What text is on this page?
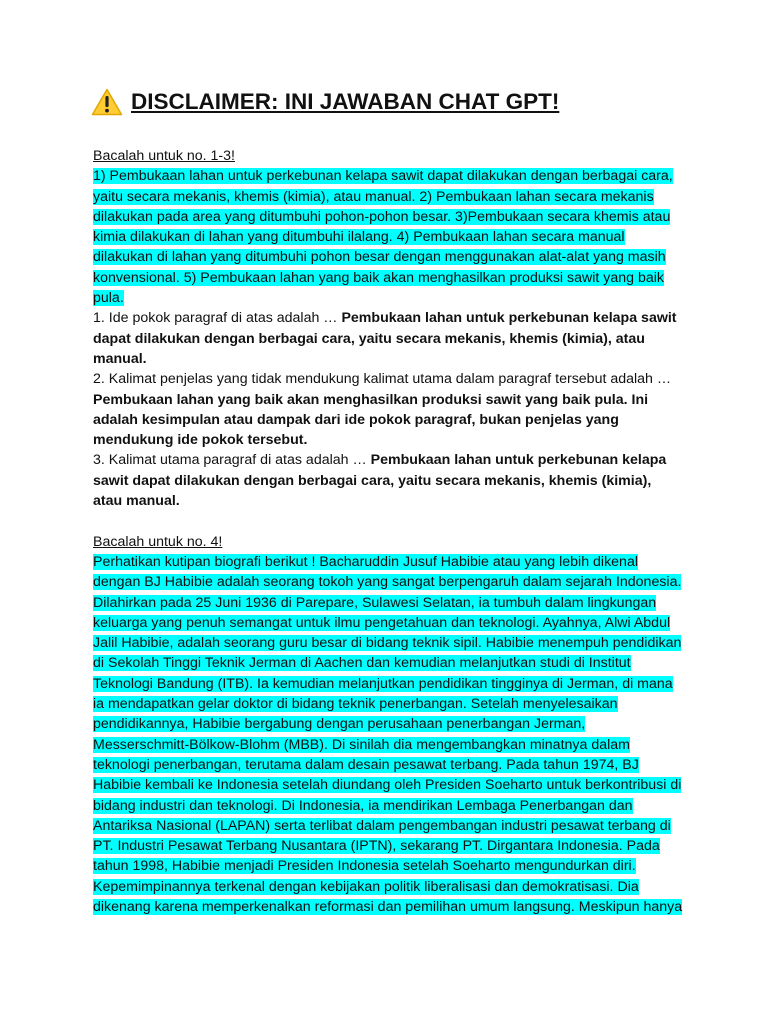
DISCLAIMER: INI JAWABAN CHAT GPT!

Bacalah untuk no. 1-3!

1) Pembukaan lahan untuk perkebunan kelapa sawit dapat dilakukan dengan berbagai cara, yaitu secara mekanis, khemis (kimia), atau manual. 2) Pembukaan lahan secara mekanis dilakukan pada area yang ditumbuhi pohon-pohon besar. 3)Pembukaan secara khemis atau kimia dilakukan di lahan yang ditumbuhi ilalang. 4) Pembukaan lahan secara manual dilakukan di lahan yang ditumbuhi pohon besar dengan menggunakan alat-alat yang masih konvensional. 5) Pembukaan lahan yang baik akan menghasilkan produksi sawit yang baik pula.

1. Ide pokok paragraf di atas adalah … Pembukaan lahan untuk perkebunan kelapa sawit dapat dilakukan dengan berbagai cara, yaitu secara mekanis, khemis (kimia), atau manual.

2. Kalimat penjelas yang tidak mendukung kalimat utama dalam paragraf tersebut adalah … Pembukaan lahan yang baik akan menghasilkan produksi sawit yang baik pula. Ini adalah kesimpulan atau dampak dari ide pokok paragraf, bukan penjelas yang mendukung ide pokok tersebut.

3. Kalimat utama paragraf di atas adalah … Pembukaan lahan untuk perkebunan kelapa sawit dapat dilakukan dengan berbagai cara, yaitu secara mekanis, khemis (kimia), atau manual.

Bacalah untuk no. 4!

Perhatikan kutipan biografi berikut ! Bacharuddin Jusuf Habibie atau yang lebih dikenal dengan BJ Habibie adalah seorang tokoh yang sangat berpengaruh dalam sejarah Indonesia. Dilahirkan pada 25 Juni 1936 di Parepare, Sulawesi Selatan, ia tumbuh dalam lingkungan keluarga yang penuh semangat untuk ilmu pengetahuan dan teknologi. Ayahnya, Alwi Abdul Jalil Habibie, adalah seorang guru besar di bidang teknik sipil. Habibie menempuh pendidikan di Sekolah Tinggi Teknik Jerman di Aachen dan kemudian melanjutkan studi di Institut Teknologi Bandung (ITB). Ia kemudian melanjutkan pendidikan tingginya di Jerman, di mana ia mendapatkan gelar doktor di bidang teknik penerbangan. Setelah menyelesaikan pendidikannya, Habibie bergabung dengan perusahaan penerbangan Jerman, Messerschmitt-Bölkow-Blohm (MBB). Di sinilah dia mengembangkan minatnya dalam teknologi penerbangan, terutama dalam desain pesawat terbang. Pada tahun 1974, BJ Habibie kembali ke Indonesia setelah diundang oleh Presiden Soeharto untuk berkontribusi di bidang industri dan teknologi. Di Indonesia, ia mendirikan Lembaga Penerbangan dan Antariksa Nasional (LAPAN) serta terlibat dalam pengembangan industri pesawat terbang di PT. Industri Pesawat Terbang Nusantara (IPTN), sekarang PT. Dirgantara Indonesia. Pada tahun 1998, Habibie menjadi Presiden Indonesia setelah Soeharto mengundurkan diri. Kepemimpinannya terkenal dengan kebijakan politik liberalisasi dan demokratisasi. Dia dikenang karena memperkenalkan reformasi dan pemilihan umum langsung. Meskipun hanya
